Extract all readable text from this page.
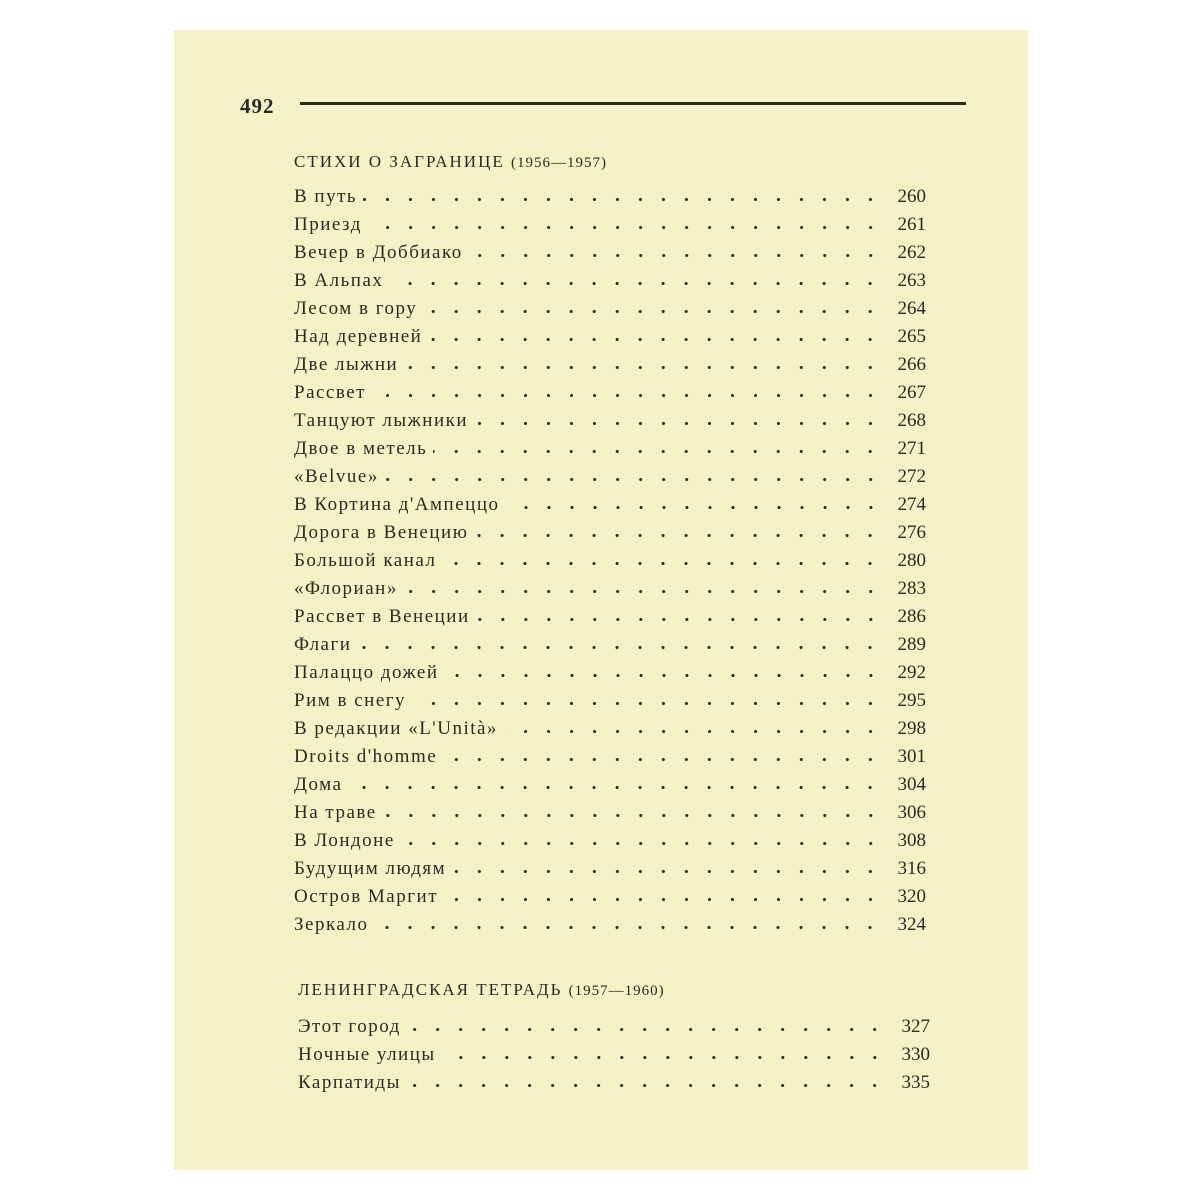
492
СТИХИ О ЗАГРАНИЦЕ (1956—1957)
В путь	260
Приезд	261
Вечер в Доббиако	262
В Альпах	263
Лесом в гору	264
Над деревней	265
Две лыжни	266
Рассвет	267
Танцуют лыжники	268
Двое в метель	271
«Belvue»	272
В Кортина д'Ампеццо	274
Дорога в Венецию	276
Большой канал	280
«Флориан»	283
Рассвет в Венеции	286
Флаги	289
Палаццо дожей	292
Рим в снегу	295
В редакции «L'Unità»	298
Droits d'homme	301
Дома	304
На траве	306
В Лондоне	308
Будущим людям	316
Остров Маргит	320
Зеркало	324
ЛЕНИНГРАДСКАЯ ТЕТРАДЬ (1957—1960)
Этот город	327
Ночные улицы	330
Карпатиды	335
